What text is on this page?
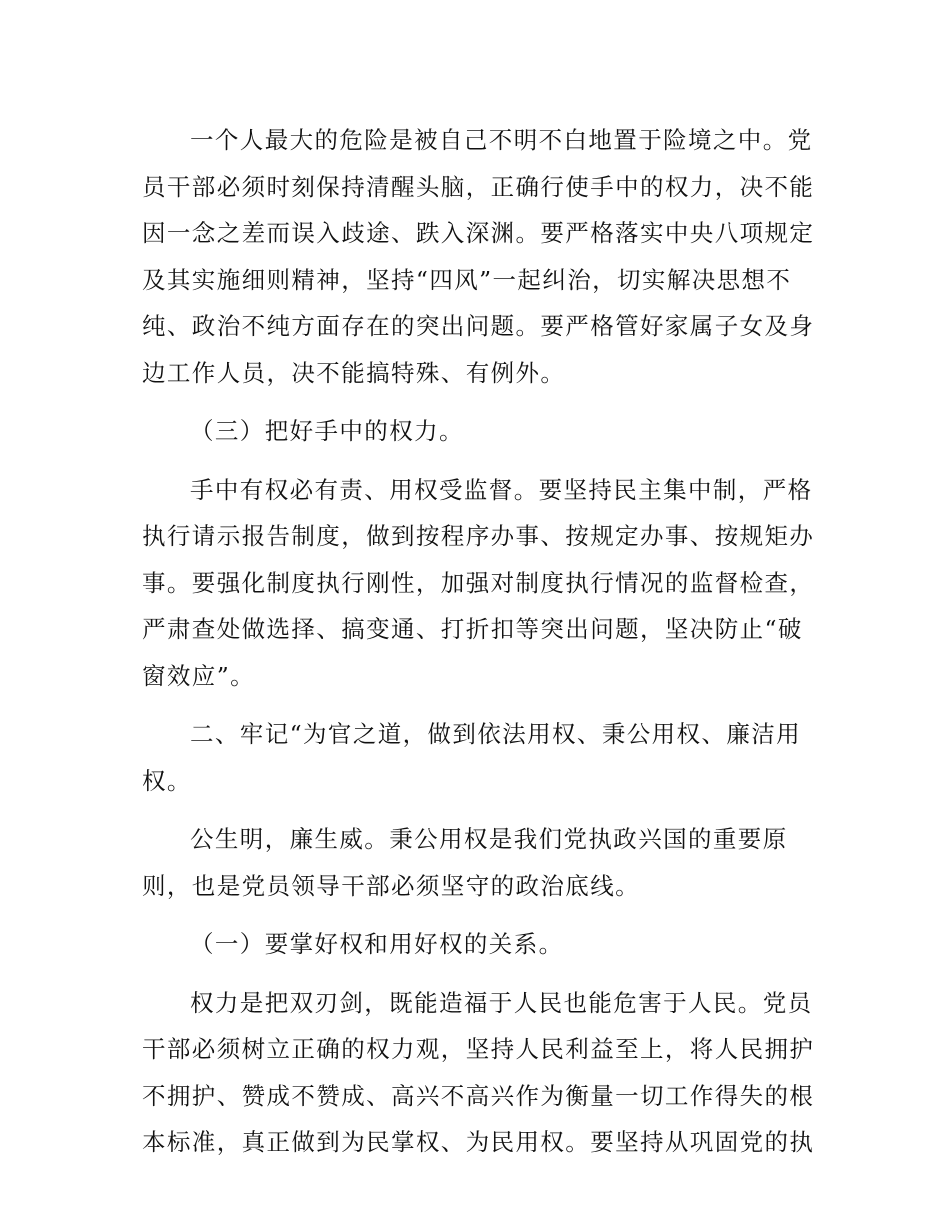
一个人最大的危险是被自己不明不白地置于险境之中。党
员干部必须时刻保持清醒头脑，正确行使手中的权力，决不能
因一念之差而误入歧途、跌入深渊。要严格落实中央八项规定
及其实施细则精神，坚持“四风”一起纠治，切实解决思想不
纯、政治不纯方面存在的突出问题。要严格管好家属子女及身
边工作人员，决不能搞特殊、有例外。
（三）把好手中的权力。
手中有权必有责、用权受监督。要坚持民主集中制，严格
执行请示报告制度，做到按程序办事、按规定办事、按规矩办
事。要强化制度执行刚性，加强对制度执行情况的监督检查，
严肃查处做选择、搞变通、打折扣等突出问题，坚决防止“破
窗效应”。
二、牢记“为官之道，做到依法用权、秉公用权、廉洁用
权。
公生明，廉生威。秉公用权是我们党执政兴国的重要原
则，也是党员领导干部必须坚守的政治底线。
（一）要掌好权和用好权的关系。
权力是把双刃剑，既能造福于人民也能危害于人民。党员
干部必须树立正确的权力观，坚持人民利益至上，将人民拥护
不拥护、赞成不赞成、高兴不高兴作为衡量一切工作得失的根
本标准，真正做到为民掌权、为民用权。要坚持从巩固党的执
